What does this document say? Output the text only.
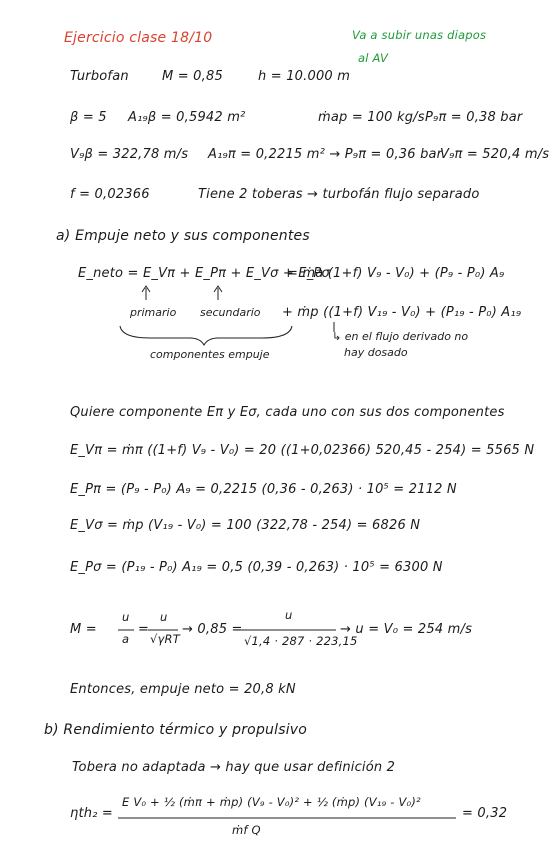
Ejercicio clase 18/10	Va a subir unas diapos
al AV
Turbofan	M = 0,85	h = 10.000 m
β = 5 A₁₉β = 0,5942 m²	ṁap = 100 kg/s P₉π = 0,38 bar
V₉β = 322,78 m/s A₁₉π = 0,2215 m² → P₉π = 0,36 bar
V₉π = 520,4 m/s
f = 0,02366	Tiene 2 toberas → turbofán flujo separado
a) Empuje neto y sus componentes
E_neto = E_Vπ + E_Pπ + E_Vσ + E_Pσ
= ṁa (1+f) V₉ - V₀) + (P₉ - P₀) A₉
+ ṁp ((1+f) V₁₉ - V₀) + (P₁₉ - P₀) A₁₉
primario secundario
componentes empuje
↳ en el flujo derivado no
hay dosado
Quiere componente Eπ y Eσ, cada uno con sus dos componentes
E_Vπ = ṁπ ((1+f) V₉ - V₀) = 20 ((1+0,02366) 520,45 - 254) = 5565 N
E_Pπ = (P₉ - P₀) A₉ = 0,2215 (0,36 - 0,263) · 10⁵ = 2112 N
E_Vσ = ṁp (V₁₉ - V₀) = 100 (322,78 - 254) = 6826 N
E_Pσ = (P₁₉ - P₀) A₁₉ = 0,5 (0,39 - 0,263) · 10⁵ = 6300 N
M =
u
a
=
u
√γRT
→ 0,85 =
u
√1,4 · 287 · 223,15
→ u = V₀ = 254 m/s
Entonces, empuje neto = 20,8 kN
b) Rendimiento térmico y propulsivo
Tobera no adaptada → hay que usar definición 2
ηth₂ =
E V₀ + ½ (ṁπ + ṁp) (V₉ - V₀)² + ½ (ṁp) (V₁₉ - V₀)²
ṁf Q
= 0,32
